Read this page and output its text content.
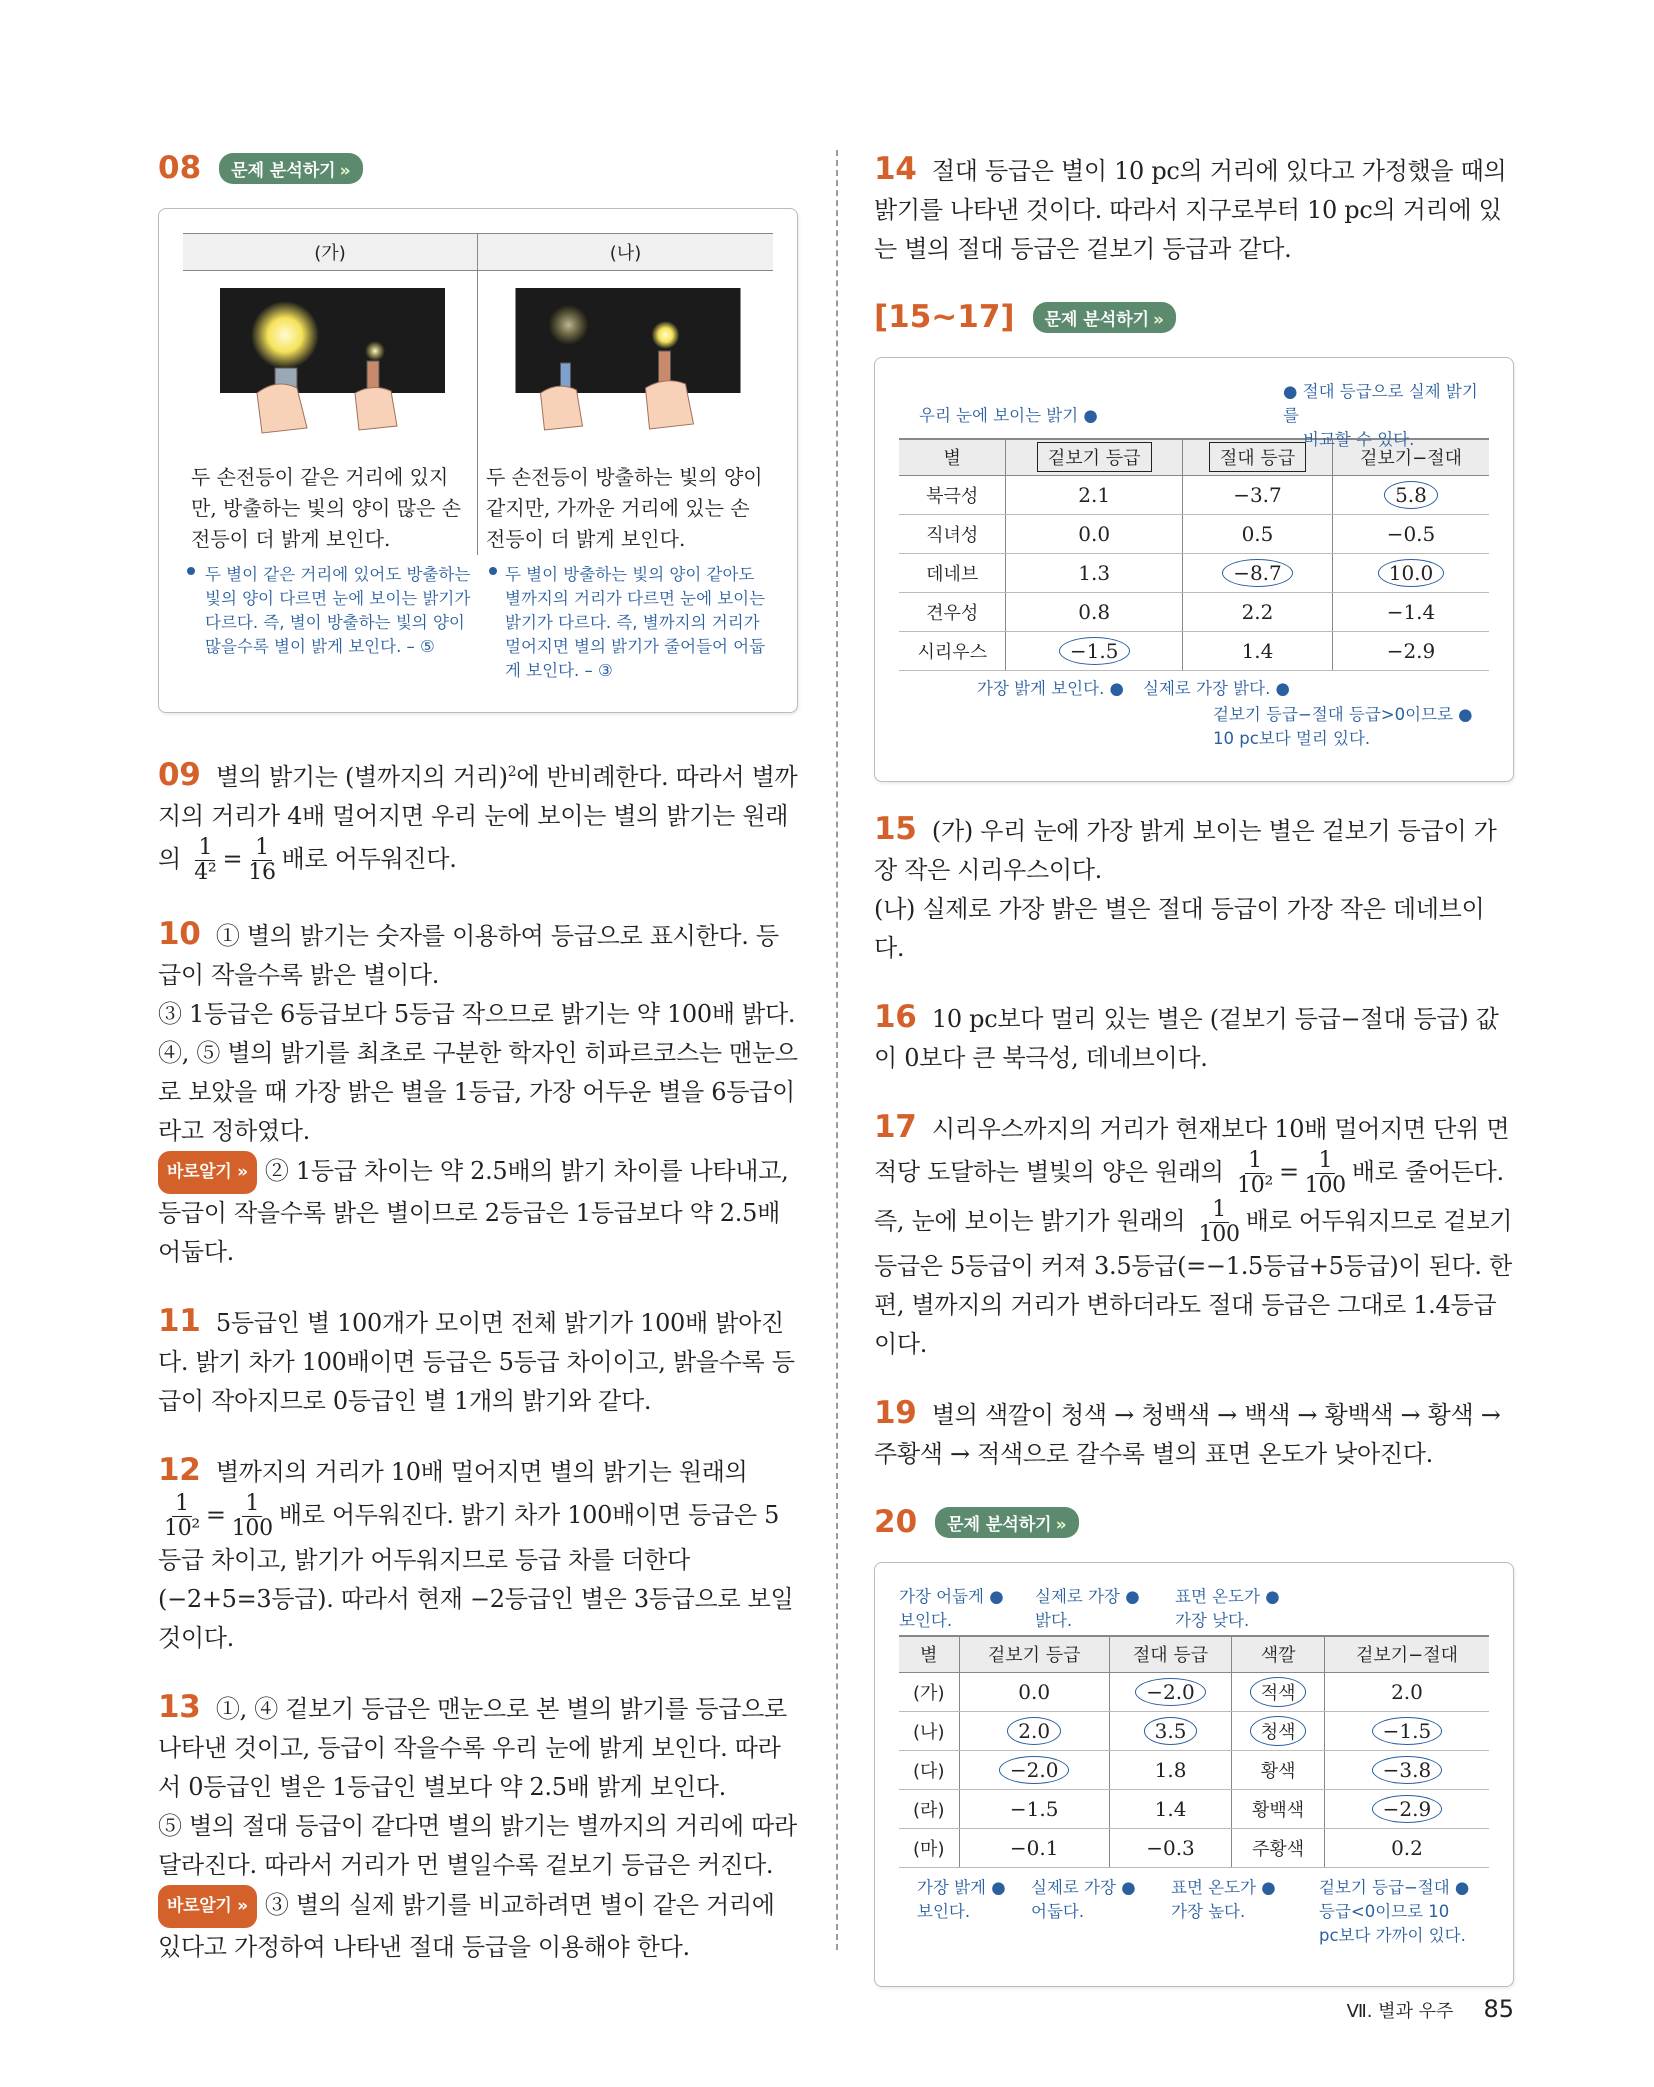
08	문제 분석하기 »
(가)	(나)
두 손전등이 같은 거리에 있지만, 방출하는 빛의 양이 많은 손전등이 더 밝게 보인다.
두 손전등이 방출하는 빛의 양이 같지만, 가까운 거리에 있는 손전등이 더 밝게 보인다.
두 별이 같은 거리에 있어도 방출하는 빛의 양이 다르면 눈에 보이는 밝기가 다르다. 즉, 별이 방출하는 빛의 양이 많을수록 별이 밝게 보인다. – ⑤
두 별이 방출하는 빛의 양이 같아도 별까지의 거리가 다르면 눈에 보이는 밝기가 다르다. 즉, 별까지의 거리가 멀어지면 별의 밝기가 줄어들어 어둡게 보인다. – ③
09 별의 밝기는 (별까지의 거리)$^2$에 반비례한다. 따라서 별까지의 거리가 4배 멀어지면 우리 눈에 보이는 별의 밝기는 원래의 $\frac{1}{\text{4²}} = \frac{1}{16}$ 배로 어두워진다.
10 ① 별의 밝기는 숫자를 이용하여 등급으로 표시한다. 등급이 작을수록 밝은 별이다.
③ 1등급은 6등급보다 5등급 작으므로 밝기는 약 100배 밝다.
④, ⑤ 별의 밝기를 최초로 구분한 학자인 히파르코스는 맨눈으로 보았을 때 가장 밝은 별을 1등급, 가장 어두운 별을 6등급이라고 정하였다.
바로알기 » ② 1등급 차이는 약 2.5배의 밝기 차이를 나타내고, 등급이 작을수록 밝은 별이므로 2등급은 1등급보다 약 2.5배 어둡다.
11 5등급인 별 100개가 모이면 전체 밝기가 100배 밝아진다. 밝기 차가 100배이면 등급은 5등급 차이이고, 밝을수록 등급이 작아지므로 0등급인 별 1개의 밝기와 같다.
12 별까지의 거리가 10배 멀어지면 별의 밝기는 원래의
$\frac{1}{\text{10²}} = \frac{1}{100}$ 배로 어두워진다. 밝기 차가 100배이면 등급은 5등급 차이고, 밝기가 어두워지므로 등급 차를 더한다(−2+5=3등급). 따라서 현재 −2등급인 별은 3등급으로 보일 것이다.
13 ①, ④ 겉보기 등급은 맨눈으로 본 별의 밝기를 등급으로 나타낸 것이고, 등급이 작을수록 우리 눈에 밝게 보인다. 따라서 0등급인 별은 1등급인 별보다 약 2.5배 밝게 보인다.
⑤ 별의 절대 등급이 같다면 별의 밝기는 별까지의 거리에 따라 달라진다. 따라서 거리가 먼 별일수록 겉보기 등급은 커진다.
바로알기 » ③ 별의 실제 밝기를 비교하려면 별이 같은 거리에 있다고 가정하여 나타낸 절대 등급을 이용해야 한다.
14 절대 등급은 별이 10 pc의 거리에 있다고 가정했을 때의 밝기를 나타낸 것이다. 따라서 지구로부터 10 pc의 거리에 있는 별의 절대 등급은 겉보기 등급과 같다.
[15~17]	문제 분석하기 »
우리 눈에 보이는 밝기 ●
● 절대 등급으로 실제 밝기를
비교할 수 있다.
별	겉보기 등급	절대 등급	겉보기−절대
북극성	2.1	−3.7	5.8
직녀성	0.0	0.5	−0.5
데네브	1.3	−8.7	10.0
견우성	0.8	2.2	−1.4
시리우스	−1.5	1.4	−2.9
가장 밝게 보인다. ● 실제로 가장 밝다. ●
겉보기 등급−절대 등급>0이므로 ●
10 pc보다 멀리 있다.
15 (가) 우리 눈에 가장 밝게 보이는 별은 겉보기 등급이 가장 작은 시리우스이다.
(나) 실제로 가장 밝은 별은 절대 등급이 가장 작은 데네브이다.
16 10 pc보다 멀리 있는 별은 (겉보기 등급−절대 등급) 값이 0보다 큰 북극성, 데네브이다.
17 시리우스까지의 거리가 현재보다 10배 멀어지면 단위 면적당 도달하는 별빛의 양은 원래의 $\frac{1}{\text{10²}} = \frac{1}{100}$ 배로 줄어든다. 즉, 눈에 보이는 밝기가 원래의 $\frac{1}{100}$ 배로 어두워지므로 겉보기 등급은 5등급이 커져 3.5등급(=−1.5등급+5등급)이 된다. 한편, 별까지의 거리가 변하더라도 절대 등급은 그대로 1.4등급이다.
19 별의 색깔이 청색 → 청백색 → 백색 → 황백색 → 황색 → 주황색 → 적색으로 갈수록 별의 표면 온도가 낮아진다.
20	문제 분석하기 »
가장 어둡게 ●
보인다.
실제로 가장 ●
밝다.
표면 온도가 ●
가장 낮다.
별	겉보기 등급	절대 등급	색깔	겉보기−절대
(가)	0.0	−2.0	적색	2.0
(나)	2.0	3.5	청색	−1.5
(다)	−2.0	1.8	황색	−3.8
(라)	−1.5	1.4	황백색	−2.9
(마)	−0.1	−0.3	주황색	0.2
가장 밝게 ●
보인다.
실제로 가장 ●
어둡다.
표면 온도가 ●
가장 높다.
겉보기 등급−절대 ●
등급<0이므로 10
pc보다 가까이 있다.
Ⅶ. 별과 우주 85
